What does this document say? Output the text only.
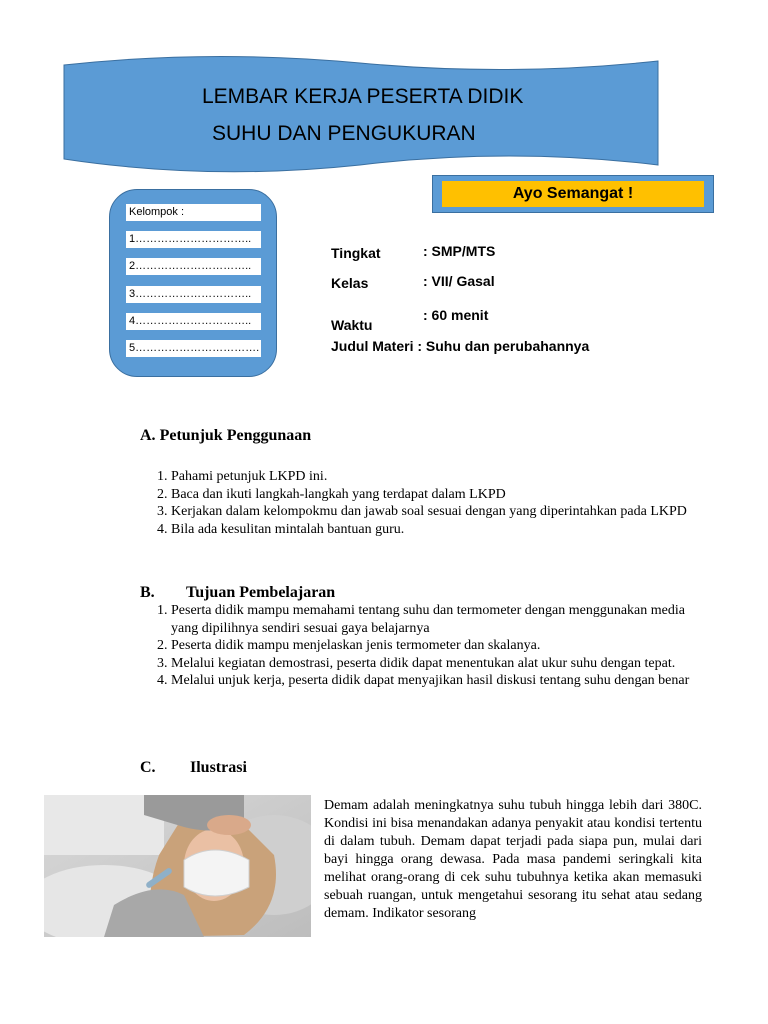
LEMBAR KERJA PESERTA DIDIK
SUHU DAN PENGUKURAN
Ayo Semangat !
Kelompok :
1…………………………..
2…………………………..
3…………………………..
4…………………………..
5…………………………….
Tingkat	: SMP/MTS
Kelas	: VII/ Gasal
Waktu
: 60 menit
Judul Materi : Suhu dan perubahannya
A. Petunjuk Penggunaan
1. Pahami petunjuk LKPD ini.
2. Baca dan ikuti langkah-langkah yang terdapat dalam LKPD
3. Kerjakan dalam kelompokmu dan jawab soal sesuai dengan yang diperintahkan pada LKPD
4. Bila ada kesulitan mintalah bantuan guru.
B. Tujuan Pembelajaran
1. Peserta didik mampu memahami tentang suhu dan termometer dengan menggunakan media yang dipilihnya sendiri sesuai gaya belajarnya
2. Peserta didik mampu menjelaskan jenis termometer dan skalanya.
3. Melalui kegiatan demostrasi, peserta didik dapat menentukan alat ukur suhu dengan tepat.
4. Melalui unjuk kerja, peserta didik dapat menyajikan hasil diskusi tentang suhu dengan benar
C. Ilustrasi
Demam adalah meningkatnya suhu tubuh hingga lebih dari 380C. Kondisi ini bisa menandakan adanya penyakit atau kondisi tertentu di dalam tubuh. Demam dapat terjadi pada siapa pun, mulai dari bayi hingga orang dewasa. Pada masa pandemi seringkali kita melihat orang-orang di cek suhu tubuhnya ketika akan memasuki sebuah ruangan, untuk mengetahui sesorang itu sehat atau sedang demam. Indikator sesorang
